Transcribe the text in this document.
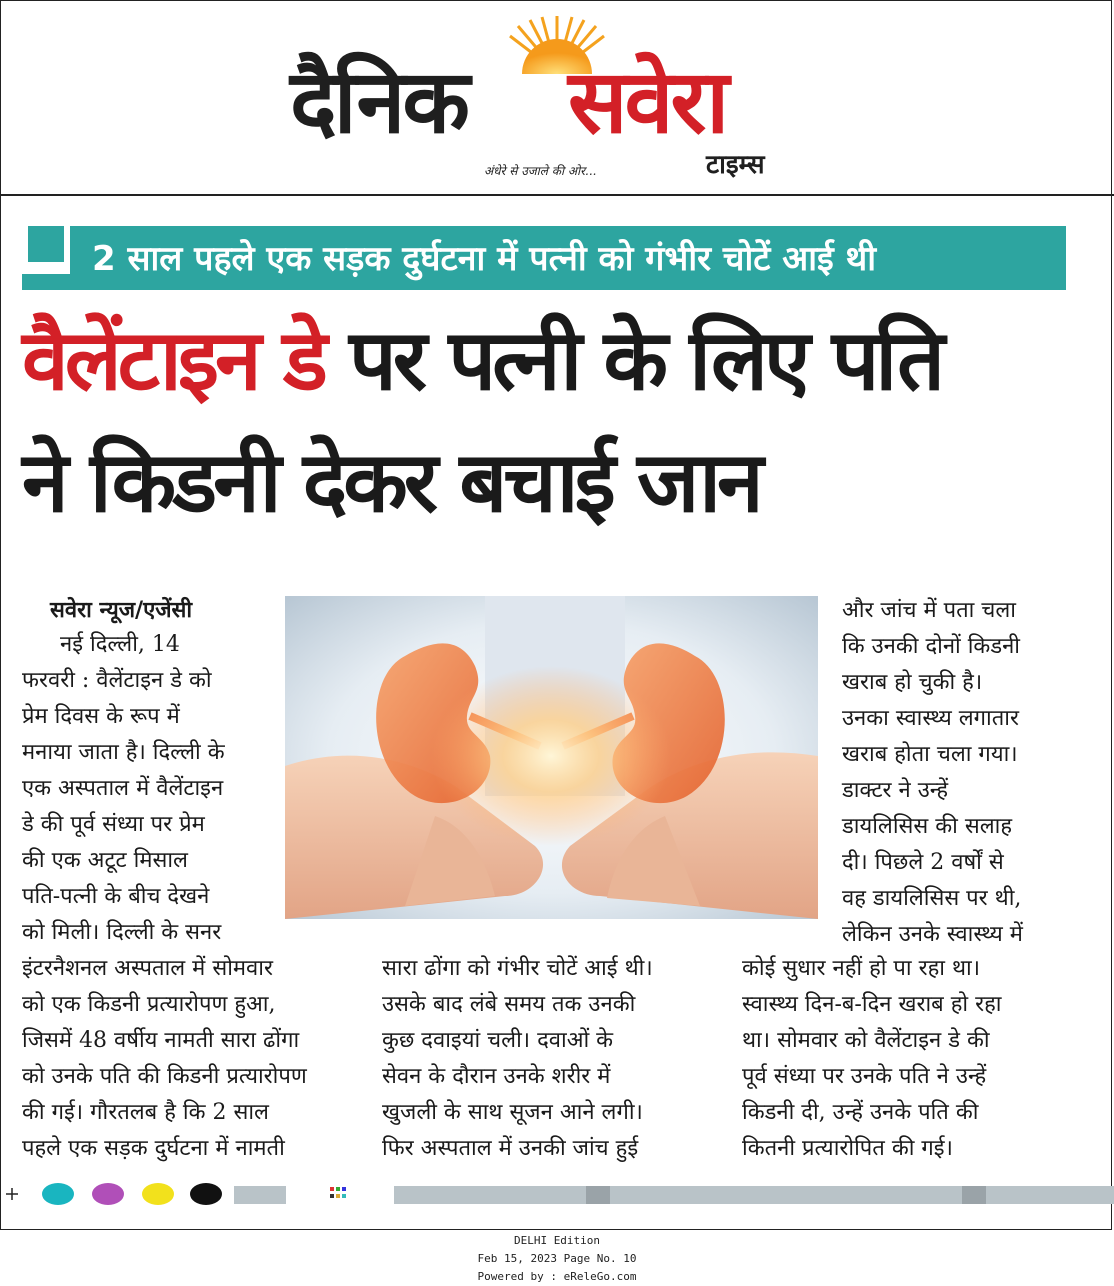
दैनिक सवेरा
अंधेरे से उजाले की ओर...	टाइम्स
2 साल पहले एक सड़क दुर्घटना में पत्नी को गंभीर चोटें आई थी
वैलेंटाइन डे पर पत्नी के लिए पति
ने किडनी देकर बचाई जान
सवेरा न्यूज/एजेंसी
नई दिल्ली, 14
फरवरी : वैलेंटाइन डे को
प्रेम दिवस के रूप में
मनाया जाता है। दिल्ली के
एक अस्पताल में वैलेंटाइन
डे की पूर्व संध्या पर प्रेम
की एक अटूट मिसाल
पति-पत्नी के बीच देखने
को मिली। दिल्ली के सनर
और जांच में पता चला
कि उनकी दोनों किडनी
खराब हो चुकी है।
उनका स्वास्थ्य लगातार
खराब होता चला गया।
डाक्टर ने उन्हें
डायलिसिस की सलाह
दी। पिछले 2 वर्षों से
वह डायलिसिस पर थी,
लेकिन उनके स्वास्थ्य में
इंटरनैशनल अस्पताल में सोमवार
को एक किडनी प्रत्यारोपण हुआ,
जिसमें 48 वर्षीय नामती सारा ढोंगा
को उनके पति की किडनी प्रत्यारोपण
की गई। गौरतलब है कि 2 साल
पहले एक सड़क दुर्घटना में नामती
सारा ढोंगा को गंभीर चोटें आई थी।
उसके बाद लंबे समय तक उनकी
कुछ दवाइयां चली। दवाओं के
सेवन के दौरान उनके शरीर में
खुजली के साथ सूजन आने लगी।
फिर अस्पताल में उनकी जांच हुई
कोई सुधार नहीं हो पा रहा था।
स्वास्थ्य दिन-ब-दिन खराब हो रहा
था। सोमवार को वैलेंटाइन डे की
पूर्व संध्या पर उनके पति ने उन्हें
किडनी दी, उन्हें उनके पति की
कितनी प्रत्यारोपित की गई।
DELHI Edition
Feb 15, 2023 Page No. 10
Powered by : eReleGo.com
